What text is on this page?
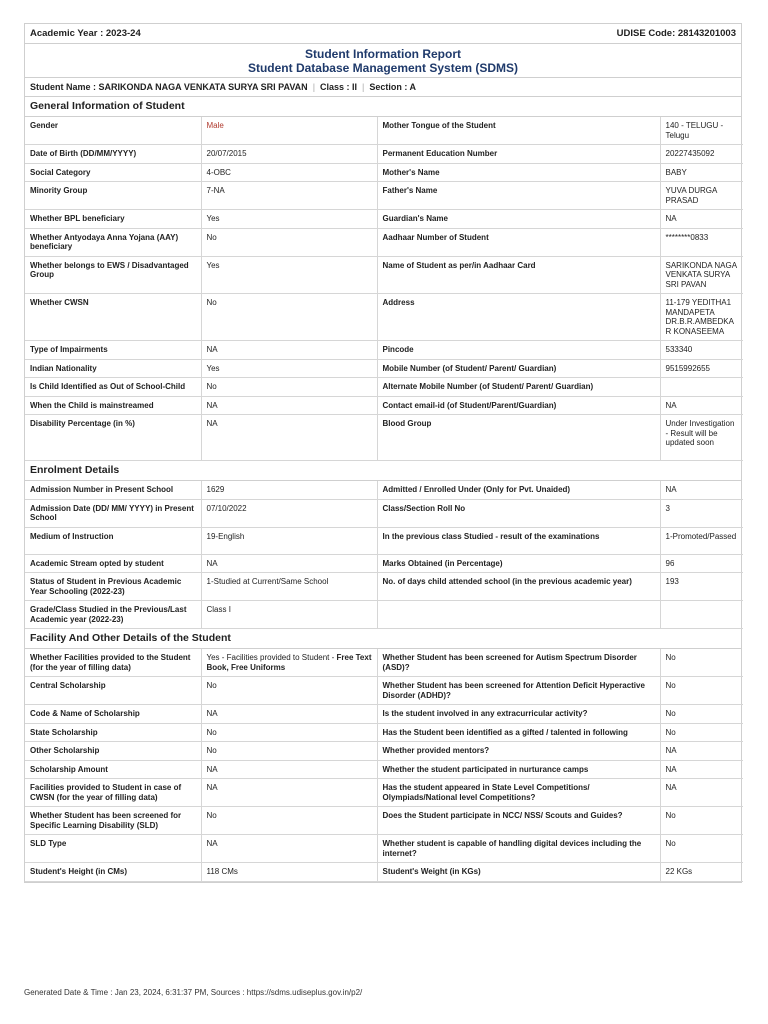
Academic Year : 2023-24	UDISE Code: 28143201003
Student Information Report
Student Database Management System (SDMS)
Student Name : SARIKONDA NAGA VENKATA SURYA SRI PAVAN | Class : II | Section : A
General Information of Student
Gender	Male	Mother Tongue of the Student	140 - TELUGU - Telugu
Date of Birth (DD/MM/YYYY)	20/07/2015	Permanent Education Number	20227435092
Social Category	4-OBC	Mother's Name	BABY
Minority Group	7-NA	Father's Name	YUVA DURGA PRASAD
Whether BPL beneficiary	Yes	Guardian's Name	NA
Whether Antyodaya Anna Yojana (AAY) beneficiary	No	Aadhaar Number of Student	********0833
Whether belongs to EWS / Disadvantaged Group	Yes	Name of Student as per/in Aadhaar Card	SARIKONDA NAGA VENKATA SURYA SRI PAVAN
Whether CWSN	No	Address	11-179 YEDITHA1 MANDAPETA DR.B.R.AMBEDKAR KONASEEMA
Type of Impairments	NA	Pincode	533340
Indian Nationality	Yes	Mobile Number (of Student/ Parent/ Guardian)	9515992655
Is Child Identified as Out of School-Child	No	Alternate Mobile Number (of Student/ Parent/ Guardian)	
When the Child is mainstreamed	NA	Contact email-id (of Student/Parent/Guardian)	NA
Disability Percentage (in %)	NA	Blood Group	Under Investigation - Result will be updated soon
Enrolment Details
Admission Number in Present School	1629	Admitted / Enrolled Under (Only for Pvt. Unaided)	NA
Admission Date (DD/ MM/ YYYY) in Present School	07/10/2022	Class/Section Roll No	3
Medium of Instruction	19-English	In the previous class Studied - result of the examinations	1-Promoted/Passed
Academic Stream opted by student	NA	Marks Obtained (in Percentage)	96
Status of Student in Previous Academic Year Schooling (2022-23)	1-Studied at Current/Same School	No. of days child attended school (in the previous academic year)	193
Grade/Class Studied in the Previous/Last Academic year (2022-23)	Class I		
Facility And Other Details of the Student
Whether Facilities provided to the Student (for the year of filling data)	Yes - Facilities provided to Student - Free Text Book, Free Uniforms	Whether Student has been screened for Autism Spectrum Disorder (ASD)?	No
Central Scholarship	No	Whether Student has been screened for Attention Deficit Hyperactive Disorder (ADHD)?	No
Code & Name of Scholarship	NA	Is the student involved in any extracurricular activity?	No
State Scholarship	No	Has the Student been identified as a gifted / talented in following	No
Other Scholarship	No	Whether provided mentors?	NA
Scholarship Amount	NA	Whether the student participated in nurturance camps	NA
Facilities provided to Student in case of CWSN (for the year of filling data)	NA	Has the student appeared in State Level Competitions/ Olympiads/National level Competitions?	NA
Whether Student has been screened for Specific Learning Disability (SLD)	No	Does the Student participate in NCC/ NSS/ Scouts and Guides?	No
SLD Type	NA	Whether student is capable of handling digital devices including the internet?	No
Student's Height (in CMs)	118 CMs	Student's Weight (in KGs)	22 KGs
Generated Date & Time : Jan 23, 2024, 6:31:37 PM, Sources : https://sdms.udiseplus.gov.in/p2/
